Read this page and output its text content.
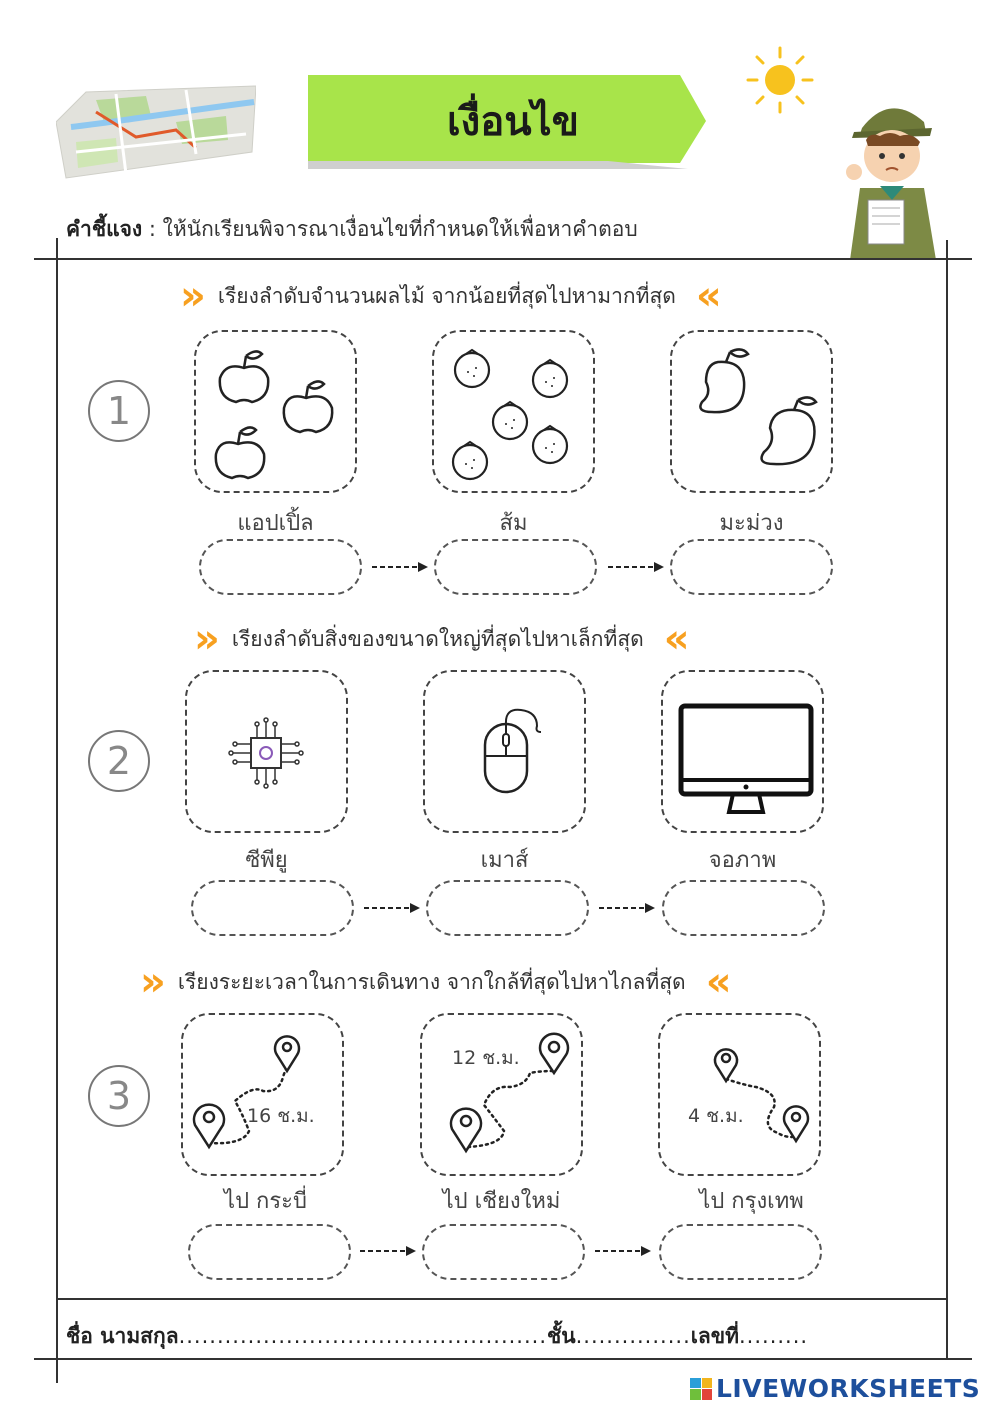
เงื่อนไข
คำชี้แจง : ให้นักเรียนพิจารณาเงื่อนไขที่กำหนดให้เพื่อหาคำตอบ
» เรียงลำดับจำนวนผลไม้ จากน้อยที่สุดไปหามากที่สุด «
1
แอปเปิ้ล	ส้ม	มะม่วง
» เรียงลำดับสิ่งของขนาดใหญ่ที่สุดไปหาเล็กที่สุด «
2
ซีพียู	เมาส์	จอภาพ
» เรียงระยะเวลาในการเดินทาง จากใกล้ที่สุดไปหาไกลที่สุด «
3	16 ช.ม.
12 ช.ม.
4 ช.ม.
ไป กระบี่	ไป เชียงใหม่	ไป กรุงเทพ
ชื่อ นามสกุล................................................ชั้น...............เลขที่.........
LIVEWORKSHEETS
